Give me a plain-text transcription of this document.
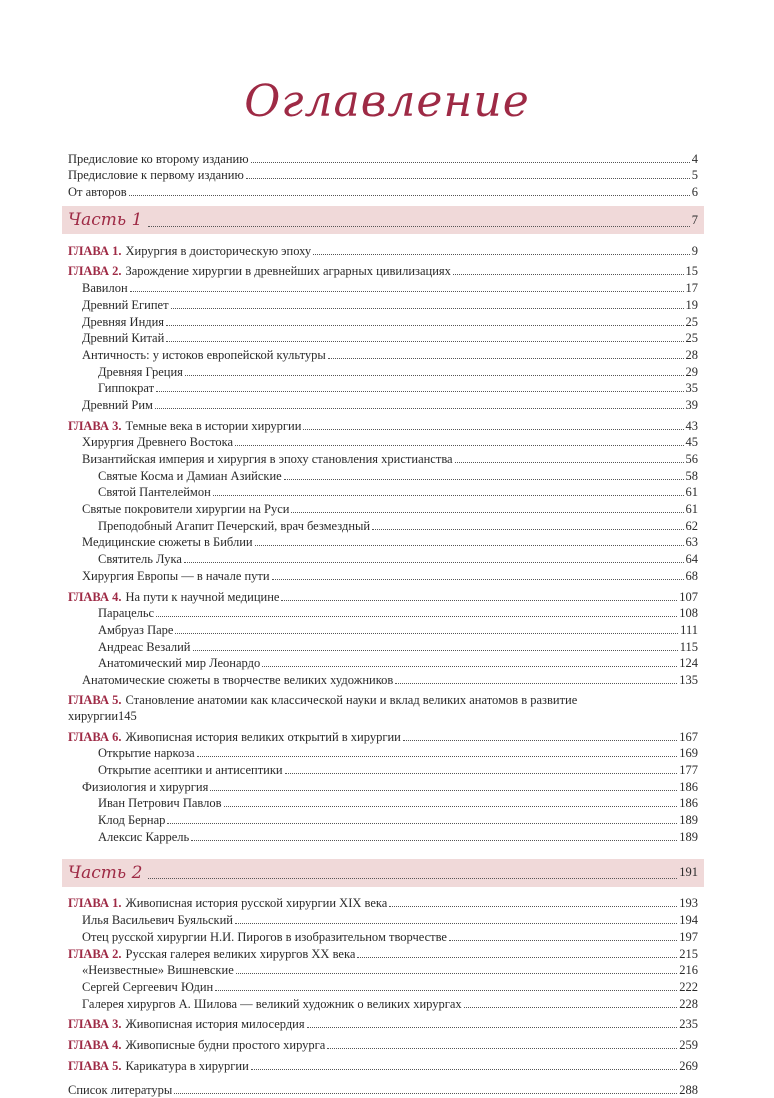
Оглавление
Предисловие ко второму изданию	4
Предисловие к первому изданию	5
От авторов	6
Часть 1	7
ГЛАВА 1. Хирургия в доисторическую эпоху	9
ГЛАВА 2. Зарождение хирургии в древнейших аграрных цивилизациях	15
Вавилон	17
Древний Египет	19
Древняя Индия	25
Древний Китай	25
Античность: у истоков европейской культуры	28
Древняя Греция	29
Гиппократ	35
Древний Рим	39
ГЛАВА 3. Темные века в истории хирургии	43
Хирургия Древнего Востока	45
Византийская империя и хирургия в эпоху становления христианства	56
Святые Косма и Дамиан Азийские	58
Святой Пантелеймон	61
Святые покровители хирургии на Руси	61
Преподобный Агапит Печерский, врач безмездный	62
Медицинские сюжеты в Библии	63
Святитель Лука	64
Хирургия Европы — в начале пути	68
ГЛАВА 4. На пути к научной медицине	107
Парацельс	108
Амбруаз Паре	111
Андреас Везалий	115
Анатомический мир Леонардо	124
Анатомические сюжеты в творчестве великих художников	135
ГЛАВА 5. Становление анатомии как классической науки и вклад великих анатомов в развитие
хирургии 145
ГЛАВА 6. Живописная история великих открытий в хирургии	167
Открытие наркоза	169
Открытие асептики и антисептики	177
Физиология и хирургия	186
Иван Петрович Павлов	186
Клод Бернар	189
Алексис Каррель	189
Часть 2	191
ГЛАВА 1. Живописная история русской хирургии XIX века	193
Илья Васильевич Буяльский	194
Отец русской хирургии Н.И. Пирогов в изобразительном творчестве	197
ГЛАВА 2. Русская галерея великих хирургов XX века	215
«Неизвестные» Вишневские	216
Сергей Сергеевич Юдин	222
Галерея хирургов А. Шилова — великий художник о великих хирургах	228
ГЛАВА 3. Живописная история милосердия	235
ГЛАВА 4. Живописные будни простого хирурга	259
ГЛАВА 5. Карикатура в хирургии	269
Список литературы	288
